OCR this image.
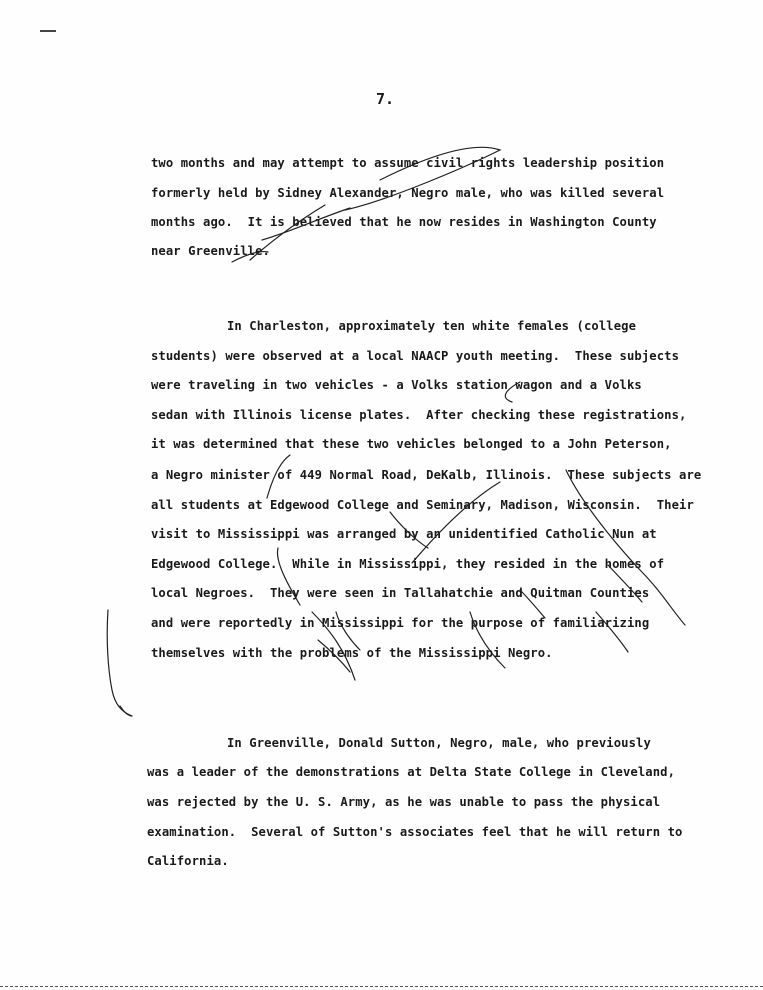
7.
two months and may attempt to assume civil rights leadership position
formerly held by Sidney Alexander, Negro male, who was killed several
months ago.  It is believed that he now resides in Washington County
near Greenville.
In Charleston, approximately ten white females (college
students) were observed at a local NAACP youth meeting.  These subjects
were traveling in two vehicles - a Volks station wagon and a Volks
sedan with Illinois license plates.  After checking these registrations,
it was determined that these two vehicles belonged to a John Peterson,
a Negro minister of 449 Normal Road, DeKalb, Illinois.  These subjects are
all students at Edgewood College and Seminary, Madison, Wisconsin.  Their
visit to Mississippi was arranged by an unidentified Catholic Nun at
Edgewood College.  While in Mississippi, they resided in the homes of
local Negroes.  They were seen in Tallahatchie and Quitman Counties
and were reportedly in Mississippi for the purpose of familiarizing
themselves with the problems of the Mississippi Negro.
In Greenville, Donald Sutton, Negro, male, who previously
was a leader of the demonstrations at Delta State College in Cleveland,
was rejected by the U. S. Army, as he was unable to pass the physical
examination.  Several of Sutton's associates feel that he will return to
California.
